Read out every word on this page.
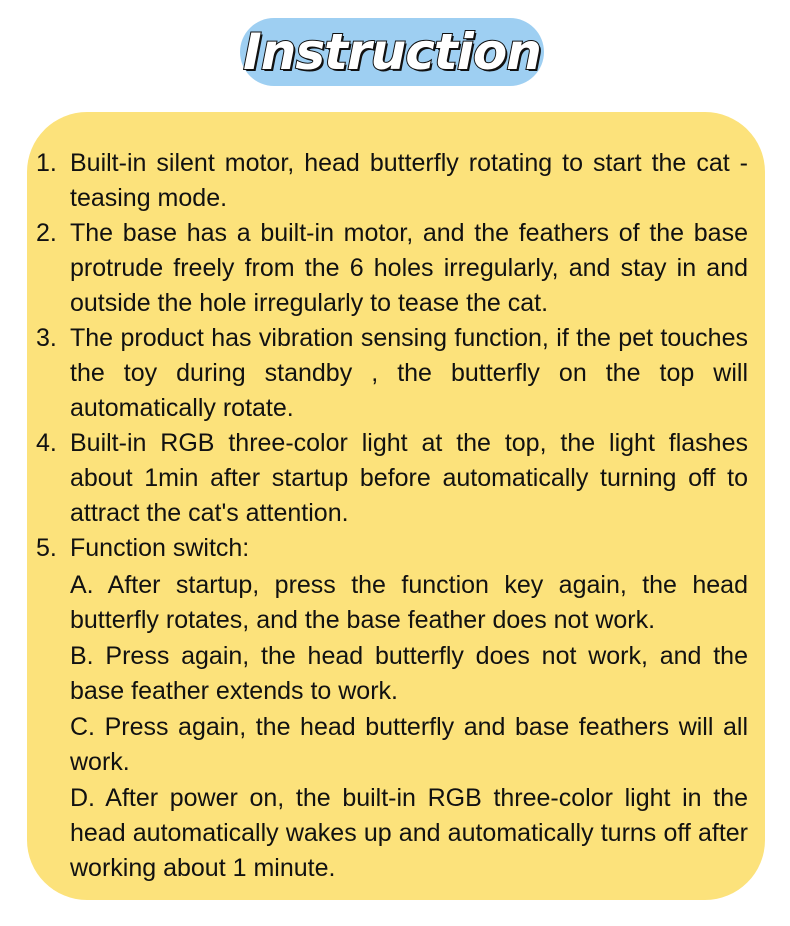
Instruction
1. Built-in silent motor, head butterfly rotating to start the cat -teasing mode.
2. The base has a built-in motor, and the feathers of the base protrude freely from the 6 holes irregularly, and stay in and outside the hole irregularly to tease the cat.
3. The product has vibration sensing function, if the pet touches the toy during standby , the butterfly on the top will automatically rotate.
4. Built-in RGB three-color light at the top, the light flashes about 1min after startup before automatically turning off to attract the cat's attention.
5. Function switch:
A. After startup, press the function key again, the head butterfly rotates, and the base feather does not work.
B. Press again, the head butterfly does not work, and the base feather extends to work.
C. Press again, the head butterfly and base feathers will all work.
D. After power on, the built-in RGB three-color light in the head automatically wakes up and automatically turns off after working about 1 minute.
